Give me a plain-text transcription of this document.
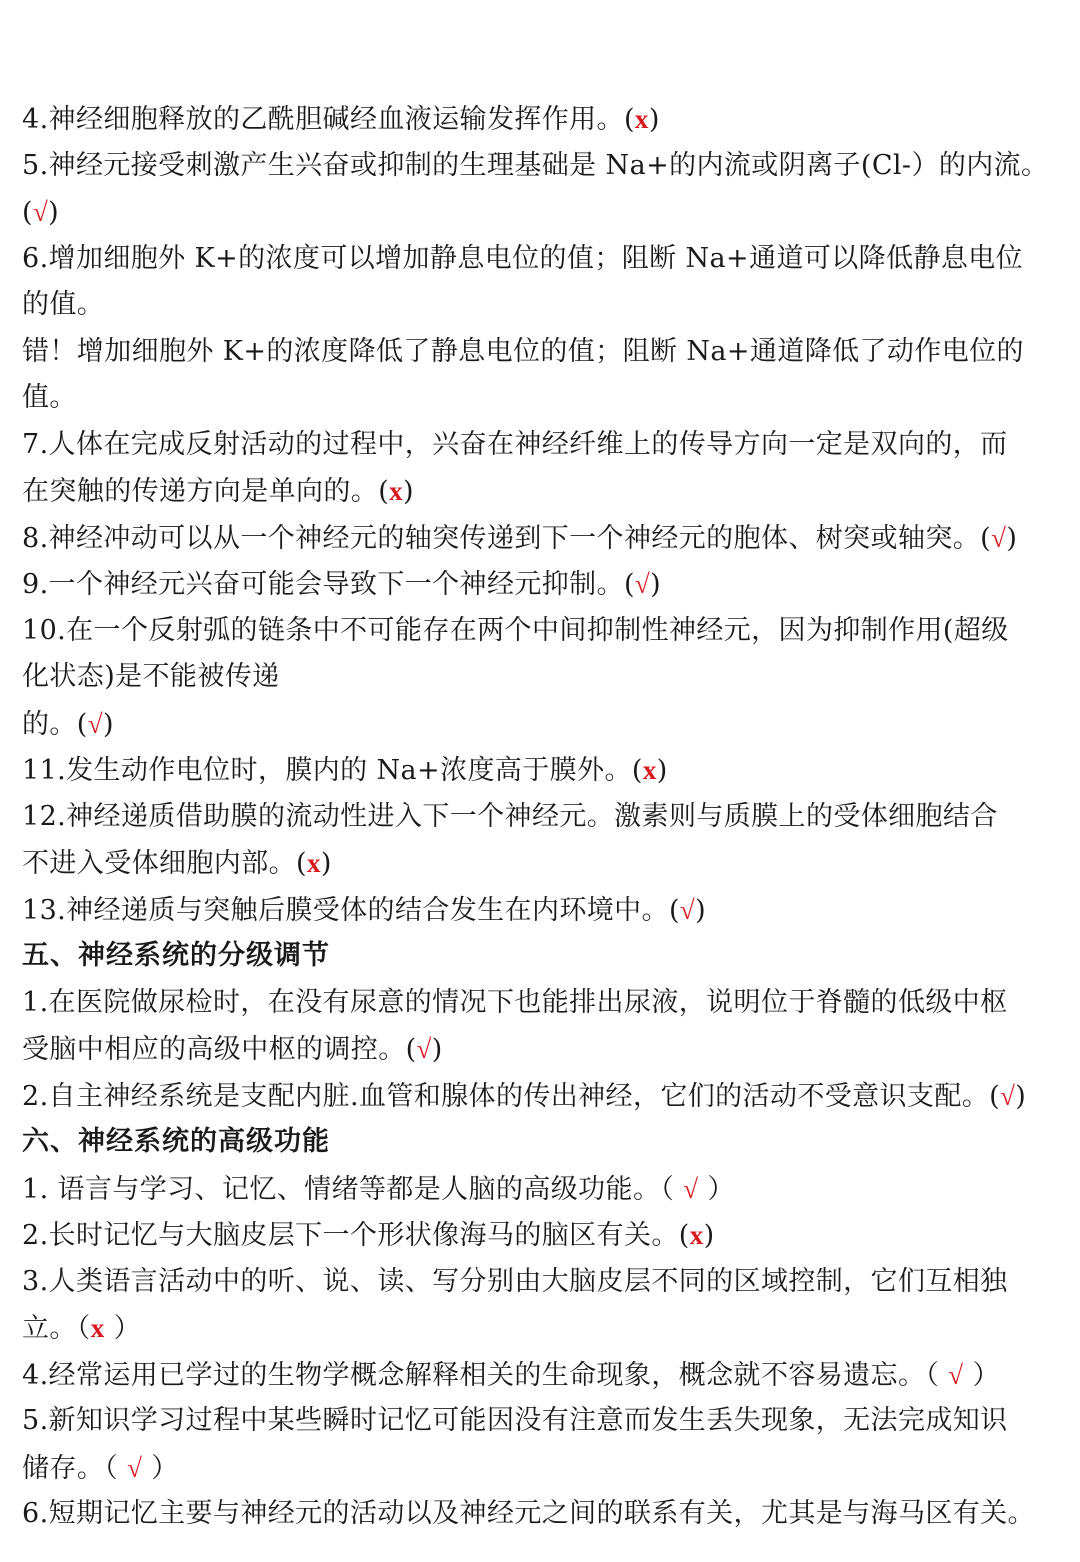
4.神经细胞释放的乙酰胆碱经血液运输发挥作用。(x)
5.神经元接受刺激产生兴奋或抑制的生理基础是 Na+的内流或阴离子(Cl-）的内流。
(√)
6.增加细胞外 K+的浓度可以增加静息电位的值；阻断 Na+通道可以降低静息电位
的值。
错！增加细胞外 K+的浓度降低了静息电位的值；阻断 Na+通道降低了动作电位的
值。
7.人体在完成反射活动的过程中，兴奋在神经纤维上的传导方向一定是双向的，而
在突触的传递方向是单向的。(x)
8.神经冲动可以从一个神经元的轴突传递到下一个神经元的胞体、树突或轴突。(√)
9.一个神经元兴奋可能会导致下一个神经元抑制。(√)
10.在一个反射弧的链条中不可能存在两个中间抑制性神经元，因为抑制作用(超级
化状态)是不能被传递
的。(√)
11.发生动作电位时，膜内的 Na+浓度高于膜外。(x)
12.神经递质借助膜的流动性进入下一个神经元。激素则与质膜上的受体细胞结合
不进入受体细胞内部。(x)
13.神经递质与突触后膜受体的结合发生在内环境中。(√)
五、神经系统的分级调节
1.在医院做尿检时，在没有尿意的情况下也能排出尿液，说明位于脊髓的低级中枢
受脑中相应的高级中枢的调控。(√)
2.自主神经系统是支配内脏.血管和腺体的传出神经，它们的活动不受意识支配。(√)
六、神经系统的高级功能
1. 语言与学习、记忆、情绪等都是人脑的高级功能。（ √ ）
2.长时记忆与大脑皮层下一个形状像海马的脑区有关。(x)
3.人类语言活动中的听、说、读、写分别由大脑皮层不同的区域控制，它们互相独
立。（x ）
4.经常运用已学过的生物学概念解释相关的生命现象，概念就不容易遗忘。（ √ ）
5.新知识学习过程中某些瞬时记忆可能因没有注意而发生丢失现象，无法完成知识
储存。（ √ ）
6.短期记忆主要与神经元的活动以及神经元之间的联系有关，尤其是与海马区有关。
